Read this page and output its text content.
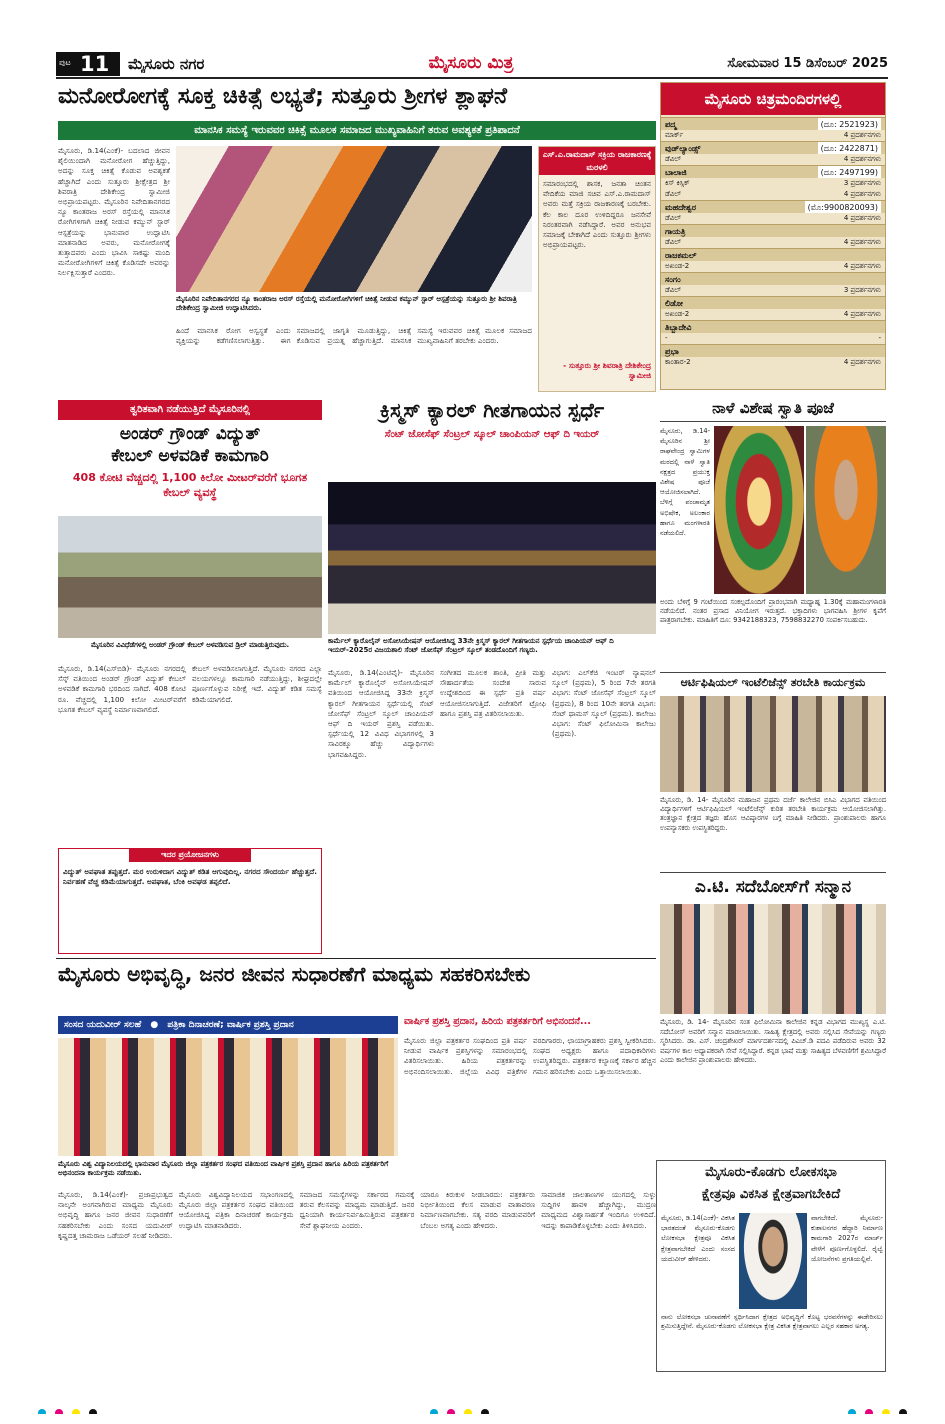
ಪುಟ 11 ಮೈಸೂರು ನಗರ	ಮೈಸೂರು ಮಿತ್ರ	ಸೋಮವಾರ 15 ಡಿಸೆಂಬರ್ 2025
ಮನೋರೋಗಕ್ಕೆ ಸೂಕ್ತ ಚಿಕಿತ್ಸೆ ಲಭ್ಯತೆ; ಸುತ್ತೂರು ಶ್ರೀಗಳ ಶ್ಲಾಘನೆ
ಮಾನಸಿಕ ಸಮಸ್ಯೆ ಇರುವವರ ಚಿಕಿತ್ಸೆ ಮೂಲಕ ಸಮಾಜದ ಮುಖ್ಯವಾಹಿನಿಗೆ ತರುವ ಅವಶ್ಯಕತೆ ಪ್ರತಿಪಾದನೆ
ಮೈಸೂರು, ಡಿ.14(ಎಂಕೆ)- ಬದಲಾದ ಜೀವನ ಶೈಲಿಯಿಂದಾಗಿ ಮನೋರೋಗ ಹೆಚ್ಚುತ್ತಿದ್ದು, ಅದನ್ನು ಸೂಕ್ತ ಚಿಕಿತ್ಸೆ ಕೊಡುವ ಅವಶ್ಯಕತೆ ಹೆಚ್ಚಾಗಿದೆ ಎಂದು ಸುತ್ತೂರು ಶ್ರೀಕ್ಷೇತ್ರದ ಶ್ರೀ ಶಿವರಾತ್ರಿ ದೇಶಿಕೇಂದ್ರ ಸ್ವಾಮೀಜಿ ಅಭಿಪ್ರಾಯಪಟ್ಟರು. ಮೈಸೂರಿನ ನಿವೇದಿತಾನಗರದ ನ್ಯೂ ಕಾಂತರಾಜ ಅರಸ್ ರಸ್ತೆಯಲ್ಲಿ ಮಾನಸಿಕ ರೋಗಿಗಳಿಗಾಗಿ ಚಿಕಿತ್ಸೆ ನೀಡುವ ಕಮ್ಯುನ್ ಸ್ಟಾರ್ ಆಸ್ಪತ್ರೆಯನ್ನು ಭಾನುವಾರ ಉದ್ಘಾಟಿಸಿ ಮಾತನಾಡಿದ ಅವರು, ಮನೋರೋಗಕ್ಕೆ ತುತ್ತಾದವರು ಎಂದು ಭಾವಿಸಿ ಸಾಕಷ್ಟು ಮಂದಿ ಮನೋರೋಗಿಗಳಿಗೆ ಚಿಕಿತ್ಸೆ ಕೊಡಿಸದೇ ಅವರನ್ನು ನಿರ್ಲಕ್ಷಿಸುತ್ತಾರೆ ಎಂದರು.
ಮೈಸೂರಿನ ನಿವೇದಿತಾನಗರದ ನ್ಯೂ ಕಾಂತರಾಜ ಅರಸ್ ರಸ್ತೆಯಲ್ಲಿ ಮನೋರೋಗಿಗಳಿಗೆ ಚಿಕಿತ್ಸೆ ನೀಡುವ ಕಮ್ಯುನ್ ಸ್ಟಾರ್ ಆಸ್ಪತ್ರೆಯನ್ನು ಸುತ್ತೂರು ಶ್ರೀ ಶಿವರಾತ್ರಿ ದೇಶಿಕೇಂದ್ರ ಸ್ವಾಮೀಜಿ ಉದ್ಘಾಟಿಸಿದರು.
ಹಿಂದೆ ಮಾನಸಿಕ ರೋಗ ಅಸ್ವಸ್ಥತೆ ಎಂದು ವ್ಯಕ್ತಿಯನ್ನು ಕಡೆಗಣಿಸಲಾಗುತ್ತಿತ್ತು. ಈಗ ಸಮಾಜದಲ್ಲಿ ಜಾಗೃತಿ ಮೂಡುತ್ತಿದ್ದು, ಚಿಕಿತ್ಸೆ ಕೊಡಿಸುವ ಪ್ರಯತ್ನ ಹೆಚ್ಚಾಗುತ್ತಿದೆ. ಮಾನಸಿಕ ಸಮಸ್ಯೆ ಇರುವವರ ಚಿಕಿತ್ಸೆ ಮೂಲಕ ಸಮಾಜದ ಮುಖ್ಯವಾಹಿನಿಗೆ ತರಬೇಕು ಎಂದರು.
ಎಸ್.ಎ.ರಾಮದಾಸ್ ಸಕ್ರಿಯ ರಾಜಕಾರಣಕ್ಕೆ ಮರಳಲಿ
ಸಮಾರಂಭದಲ್ಲಿ ಶಾಸಕ, ಜನತಾ ಚಿಂತನ ವೇದಿಕೆಯ ಮಾಜಿ ಸಚಿವ ಎಸ್.ಎ.ರಾಮದಾಸ್ ಅವರು ಮತ್ತೆ ಸಕ್ರಿಯ ರಾಜಕಾರಣಕ್ಕೆ ಬರಬೇಕು. ಕೆಲ ಕಾಲ ದೂರ ಉಳಿದಿದ್ದರೂ ಜನಸೇವೆ ನಿರಂತರವಾಗಿ ನಡೆಸಿದ್ದಾರೆ. ಅವರ ಅನುಭವ ಸಮಾಜಕ್ಕೆ ಬೇಕಾಗಿದೆ ಎಂದು ಸುತ್ತೂರು ಶ್ರೀಗಳು ಅಭಿಪ್ರಾಯಪಟ್ಟರು.
- ಸುತ್ತೂರು ಶ್ರೀ ಶಿವರಾತ್ರಿ ದೇಶಿಕೇಂದ್ರ ಸ್ವಾಮೀಜಿ
ಮೈಸೂರು ಚಿತ್ರಮಂದಿರಗಳಲ್ಲಿ
ಪದ್ಮ	(ದೂ: 2521923)
ಮಾರ್ಕ್	4 ಪ್ರದರ್ಶನಗಳು
ವುಡ್‌ಲ್ಯಾಂಡ್ಸ್	(ದೂ: 2422871)
ಡೆವಿಲ್	4 ಪ್ರದರ್ಶನಗಳು
ಬಾಲಾಜಿ	(ದೂ: 2497199)
ಕಿಸ್ ಕಿಸ್ಸಿಕ್	3 ಪ್ರದರ್ಶನಗಳು
ಡೆವಿಲ್	4 ಪ್ರದರ್ಶನಗಳು
ಮಹದೇಶ್ವರ	(ಮೊ:9900820093)
ಡೆವಿಲ್	4 ಪ್ರದರ್ಶನಗಳು
ಗಾಯತ್ರಿ
ಡೆವಿಲ್	4 ಪ್ರದರ್ಶನಗಳು
ರಾಜಕಮಲ್
ಅಖಂಡ-2	4 ಪ್ರದರ್ಶನಗಳು
ಸಂಗಂ
ಡೆವಿಲ್	3 ಪ್ರದರ್ಶನಗಳು
ಲಿಡೋ
ಅಖಂಡ-2	4 ಪ್ರದರ್ಶನಗಳು
ತಿಬ್ಬಾದೇವಿ
-	-
ಪ್ರಭಾ
ಕಾಂತಾರ-2	4 ಪ್ರದರ್ಶನಗಳು
ನಾಳೆ ವಿಶೇಷ ಸ್ವಾತಿ ಪೂಜೆ
ಮೈಸೂರು, ಡಿ.14- ಮೈಸೂರಿನ ಶ್ರೀ ರಾಘವೇಂದ್ರ ಸ್ವಾಮಿಗಳ ಮಠದಲ್ಲಿ ನಾಳೆ ಸ್ವಾತಿ ನಕ್ಷತ್ರದ ಪ್ರಯುಕ್ತ ವಿಶೇಷ ಪೂಜೆ ಆಯೋಜಿಸಲಾಗಿದೆ. ಬೆಳಿಗ್ಗೆ ಪಂಚಾಮೃತ ಅಭಿಷೇಕ, ಅಲಂಕಾರ ಹಾಗೂ ಮಂಗಳಾರತಿ ನಡೆಯಲಿದೆ.
ಅಂದು ಬೆಳಿಗ್ಗೆ 9 ಗಂಟೆಯಿಂದ ಸಂಕಲ್ಪದೊಂದಿಗೆ ಪ್ರಾರಂಭವಾಗಿ ಮಧ್ಯಾಹ್ನ 1.30ಕ್ಕೆ ಮಹಾಮಂಗಳಾರತಿ ನಡೆಯಲಿದೆ. ನಂತರ ಪ್ರಸಾದ ವಿನಿಯೋಗ ಇರುತ್ತದೆ. ಭಕ್ತಾದಿಗಳು ಭಾಗವಹಿಸಿ ಶ್ರೀಗಳ ಕೃಪೆಗೆ ಪಾತ್ರರಾಗಬೇಕು. ಮಾಹಿತಿಗೆ ದೂ: 9342188323, 7598832270 ಸಂಪರ್ಕಿಸಬಹುದು.
ಆರ್ಟಿಫಿಷಿಯಲ್ ಇಂಟೆಲಿಜೆನ್ಸ್ ತರಬೇತಿ ಕಾರ್ಯಕ್ರಮ
ಮೈಸೂರು, ಡಿ. 14- ಮೈಸೂರಿನ ಮಹಾಜನ ಪ್ರಥಮ ದರ್ಜೆ ಕಾಲೇಜಿನ ಬಿಸಿಎ ವಿಭಾಗದ ವತಿಯಿಂದ ವಿದ್ಯಾರ್ಥಿಗಳಿಗೆ ಆರ್ಟಿಫಿಷಿಯಲ್ ಇಂಟೆಲಿಜೆನ್ಸ್ ಕುರಿತ ತರಬೇತಿ ಕಾರ್ಯಕ್ರಮ ಆಯೋಜಿಸಲಾಗಿತ್ತು. ತಂತ್ರಜ್ಞಾನ ಕ್ಷೇತ್ರದ ತಜ್ಞರು ಹೊಸ ಆವಿಷ್ಕಾರಗಳ ಬಗ್ಗೆ ಮಾಹಿತಿ ನೀಡಿದರು. ಪ್ರಾಂಶುಪಾಲರು ಹಾಗೂ ಉಪನ್ಯಾಸಕರು ಉಪಸ್ಥಿತರಿದ್ದರು.
ಎ.ಟಿ. ಸದೆಬೋಸ್‌ಗೆ ಸನ್ಮಾನ
ಮೈಸೂರು, ಡಿ. 14- ಮೈಸೂರಿನ ಸಂತ ಫಿಲೋಮಿನಾ ಕಾಲೇಜಿನ ಕನ್ನಡ ವಿಭಾಗದ ಮುಖ್ಯಸ್ಥ ಎ.ಟಿ. ಸದೆಬೋಸ್ ಅವರಿಗೆ ಸನ್ಮಾನ ಮಾಡಲಾಯಿತು. ಸಾಹಿತ್ಯ ಕ್ಷೇತ್ರದಲ್ಲಿ ಅವರು ಸಲ್ಲಿಸಿದ ಸೇವೆಯನ್ನು ಗಣ್ಯರು ಸ್ಮರಿಸಿದರು. ಡಾ. ಎಸ್. ಚಂದ್ರಶೇಖರ್ ಮಾರ್ಗದರ್ಶನದಲ್ಲಿ ಪಿಎಚ್.ಡಿ ಪದವಿ ಪಡೆದಿರುವ ಅವರು 32 ವರ್ಷಗಳ ಕಾಲ ಅಧ್ಯಾಪಕರಾಗಿ ಸೇವೆ ಸಲ್ಲಿಸಿದ್ದಾರೆ. ಕನ್ನಡ ಭಾಷೆ ಮತ್ತು ಸಾಹಿತ್ಯದ ಬೆಳವಣಿಗೆಗೆ ಶ್ರಮಿಸಿದ್ದಾರೆ ಎಂದು ಕಾಲೇಜಿನ ಪ್ರಾಂಶುಪಾಲರು ಹೇಳಿದರು.
ತ್ವರಿತವಾಗಿ ನಡೆಯುತ್ತಿದೆ ಮೈಸೂರಿನಲ್ಲಿ
ಅಂಡರ್ ಗ್ರೌಂಡ್ ವಿದ್ಯುತ್
ಕೇಬಲ್ ಅಳವಡಿಕೆ ಕಾಮಗಾರಿ
408 ಕೋಟಿ ವೆಚ್ಚದಲ್ಲಿ 1,100 ಕಿಲೋ ಮೀಟರ್‌ವರೆಗೆ ಭೂಗತ ಕೇಬಲ್ ವ್ಯವಸ್ಥೆ
ಮೈಸೂರಿನ ವಿವಿಧೆಡೆಗಳಲ್ಲಿ ಅಂಡರ್ ಗ್ರೌಂಡ್ ಕೇಬಲ್ ಅಳವಡಿಸುವ ಡ್ರಿಲ್ ಮಾಡುತ್ತಿರುವುದು.
ಮೈಸೂರು, ಡಿ.14(ಎಸ್‌ಬಿಡಿ)- ಮೈಸೂರು ನಗರದಲ್ಲಿ ಸೆಸ್ಕ್ ವತಿಯಿಂದ ಅಂಡರ್ ಗ್ರೌಂಡ್ ವಿದ್ಯುತ್ ಕೇಬಲ್ ಅಳವಡಿಕೆ ಕಾಮಗಾರಿ ಭರದಿಂದ ಸಾಗಿದೆ. 408 ಕೋಟಿ ರೂ. ವೆಚ್ಚದಲ್ಲಿ 1,100 ಕಿಲೋ ಮೀಟರ್‌ವರೆಗೆ ಭೂಗತ ಕೇಬಲ್ ವ್ಯವಸ್ಥೆ ನಿರ್ಮಾಣವಾಗಲಿದೆ.
ಕೇಬಲ್ ಅಳವಡಿಸಲಾಗುತ್ತಿದೆ. ಮೈಸೂರು ನಗರದ ಎಲ್ಲಾ ವಲಯಗಳಲ್ಲೂ ಕಾಮಗಾರಿ ನಡೆಯುತ್ತಿದ್ದು, ಶೀಘ್ರದಲ್ಲೇ ಪೂರ್ಣಗೊಳ್ಳುವ ನಿರೀಕ್ಷೆ ಇದೆ. ವಿದ್ಯುತ್ ಕಡಿತ ಸಮಸ್ಯೆ ಕಡಿಮೆಯಾಗಲಿದೆ.
ಇದರ ಪ್ರಯೋಜನಗಳು
ವಿದ್ಯುತ್ ಅಪಘಾತ ತಪ್ಪುತ್ತದೆ. ಮರ ಉರುಳಿದಾಗ ವಿದ್ಯುತ್ ಕಡಿತ ಆಗುವುದಿಲ್ಲ. ನಗರದ ಸೌಂದರ್ಯ ಹೆಚ್ಚುತ್ತದೆ. ನಿರ್ವಹಣೆ ವೆಚ್ಚ ಕಡಿಮೆಯಾಗುತ್ತದೆ. ಅಪಘಾತ, ಬೆಂಕಿ ಅವಘಡ ತಪ್ಪಲಿದೆ.
ಕ್ರಿಸ್ಮಸ್ ಕ್ಯಾರಲ್ ಗೀತಗಾಯನ ಸ್ಪರ್ಧೆ
ಸೆಂಟ್ ಜೋಸೆಫ್ ಸೆಂಟ್ರಲ್ ಸ್ಕೂಲ್ ಚಾಂಪಿಯನ್ ಆಫ್ ದಿ ಇಯರ್
ಕಾರ್ಮೆಲ್ ಕ್ಯಾರೊಲೈನ್ ಅಸೋಸಿಯೇಷನ್ ಆಯೋಜಿಸಿದ್ದ 33ನೇ ಕ್ರಿಸ್ಮಸ್ ಕ್ಯಾರಲ್ ಗೀತಗಾಯನ ಸ್ಪರ್ಧೆಯ ಚಾಂಪಿಯನ್ ಆಫ್ ದಿ ಇಯರ್-2025ರ ವಿಜಯಶಾಲಿ ಸೆಂಟ್ ಜೋಸೆಫ್ ಸೆಂಟ್ರಲ್ ಸ್ಕೂಲ್ ತಂಡದೊಂದಿಗೆ ಗಣ್ಯರು.
ಮೈಸೂರು, ಡಿ.14(ಎಂಟಿವೈ)- ಮೈಸೂರಿನ ಕಾರ್ಮೆಲ್ ಕ್ಯಾರೊಲೈನ್ ಅಸೋಸಿಯೇಷನ್ ವತಿಯಿಂದ ಆಯೋಜಿಸಿದ್ದ 33ನೇ ಕ್ರಿಸ್ಮಸ್ ಕ್ಯಾರಲ್ ಗೀತಗಾಯನ ಸ್ಪರ್ಧೆಯಲ್ಲಿ ಸೆಂಟ್ ಜೋಸೆಫ್ ಸೆಂಟ್ರಲ್ ಸ್ಕೂಲ್ ಚಾಂಪಿಯನ್ ಆಫ್ ದಿ ಇಯರ್ ಪ್ರಶಸ್ತಿ ಪಡೆಯಿತು. ಸ್ಪರ್ಧೆಯಲ್ಲಿ 12 ವಿವಿಧ ವಿಭಾಗಗಳಲ್ಲಿ 3 ಸಾವಿರಕ್ಕೂ ಹೆಚ್ಚು ವಿದ್ಯಾರ್ಥಿಗಳು ಭಾಗವಹಿಸಿದ್ದರು.
ಸಂಗೀತದ ಮೂಲಕ ಶಾಂತಿ, ಪ್ರೀತಿ ಮತ್ತು ಸೌಹಾರ್ದತೆಯ ಸಂದೇಶ ಸಾರುವ ಉದ್ದೇಶದಿಂದ ಈ ಸ್ಪರ್ಧೆ ಪ್ರತಿ ವರ್ಷ ಆಯೋಜಿಸಲಾಗುತ್ತಿದೆ. ವಿಜೇತರಿಗೆ ಟ್ರೋಫಿ ಹಾಗೂ ಪ್ರಶಸ್ತಿ ಪತ್ರ ವಿತರಿಸಲಾಯಿತು.
ವಿಭಾಗ: ಎಲ್‌ಕೆಜಿ ಇಂಟರ್ ನ್ಯಾಷನಲ್ ಸ್ಕೂಲ್ (ಪ್ರಥಮ), 5 ರಿಂದ 7ನೇ ತರಗತಿ ವಿಭಾಗ: ಸೆಂಟ್ ಜೋಸೆಫ್ ಸೆಂಟ್ರಲ್ ಸ್ಕೂಲ್ (ಪ್ರಥಮ), 8 ರಿಂದ 10ನೇ ತರಗತಿ ವಿಭಾಗ: ಸೆಂಟ್ ಥಾಮಸ್ ಸ್ಕೂಲ್ (ಪ್ರಥಮ). ಕಾಲೇಜು ವಿಭಾಗ: ಸೆಂಟ್ ಫಿಲೋಮಿನಾ ಕಾಲೇಜು (ಪ್ರಥಮ).
ಮೈಸೂರು ಅಭಿವೃದ್ಧಿ, ಜನರ ಜೀವನ ಸುಧಾರಣೆಗೆ ಮಾಧ್ಯಮ ಸಹಕರಿಸಬೇಕು
ಸಂಸದ ಯದುವೀರ್ ಸಲಹೆ ● ಪತ್ರಿಕಾ ದಿನಾಚರಣೆ; ವಾರ್ಷಿಕ ಪ್ರಶಸ್ತಿ ಪ್ರದಾನ
ಮೈಸೂರು ವಿಶ್ವ ವಿದ್ಯಾನಿಲಯದಲ್ಲಿ ಭಾನುವಾರ ಮೈಸೂರು ಜಿಲ್ಲಾ ಪತ್ರಕರ್ತರ ಸಂಘದ ವತಿಯಿಂದ ವಾರ್ಷಿಕ ಪ್ರಶಸ್ತಿ ಪ್ರದಾನ ಹಾಗೂ ಹಿರಿಯ ಪತ್ರಕರ್ತರಿಗೆ ಅಭಿನಂದನಾ ಕಾರ್ಯಕ್ರಮ ನಡೆಯಿತು.
ವಾರ್ಷಿಕ ಪ್ರಶಸ್ತಿ ಪ್ರದಾನ, ಹಿರಿಯ ಪತ್ರಕರ್ತರಿಗೆ ಅಭಿನಂದನೆ...
ಮೈಸೂರು ಜಿಲ್ಲಾ ಪತ್ರಕರ್ತರ ಸಂಘದಿಂದ ಪ್ರತಿ ವರ್ಷ ನೀಡುವ ವಾರ್ಷಿಕ ಪ್ರಶಸ್ತಿಗಳನ್ನು ಸಮಾರಂಭದಲ್ಲಿ ವಿತರಿಸಲಾಯಿತು. ಹಿರಿಯ ಪತ್ರಕರ್ತರನ್ನು ಅಭಿನಂದಿಸಲಾಯಿತು. ಜಿಲ್ಲೆಯ ವಿವಿಧ ಪತ್ರಿಕೆಗಳ ವರದಿಗಾರರು, ಛಾಯಾಗ್ರಾಹಕರು ಪ್ರಶಸ್ತಿ ಸ್ವೀಕರಿಸಿದರು. ಸಂಘದ ಅಧ್ಯಕ್ಷರು ಹಾಗೂ ಪದಾಧಿಕಾರಿಗಳು ಉಪಸ್ಥಿತರಿದ್ದರು. ಪತ್ರಕರ್ತರ ಕಲ್ಯಾಣಕ್ಕೆ ಸರ್ಕಾರ ಹೆಚ್ಚಿನ ಗಮನ ಹರಿಸಬೇಕು ಎಂದು ಒತ್ತಾಯಿಸಲಾಯಿತು.
ಮೈಸೂರು, ಡಿ.14(ಎಂಕೆ)- ಪ್ರಜಾಪ್ರಭುತ್ವದ ನಾಲ್ಕನೇ ಅಂಗವಾಗಿರುವ ಮಾಧ್ಯಮ ಮೈಸೂರು ಅಭಿವೃದ್ಧಿ ಹಾಗೂ ಜನರ ಜೀವನ ಸುಧಾರಣೆಗೆ ಸಹಕರಿಸಬೇಕು ಎಂದು ಸಂಸದ ಯದುವೀರ್ ಕೃಷ್ಣದತ್ತ ಚಾಮರಾಜ ಒಡೆಯರ್ ಸಲಹೆ ನೀಡಿದರು.
ಮೈಸೂರು ವಿಶ್ವವಿದ್ಯಾನಿಲಯದ ಸಭಾಂಗಣದಲ್ಲಿ ಮೈಸೂರು ಜಿಲ್ಲಾ ಪತ್ರಕರ್ತರ ಸಂಘದ ವತಿಯಿಂದ ಆಯೋಜಿಸಿದ್ದ ಪತ್ರಿಕಾ ದಿನಾಚರಣೆ ಕಾರ್ಯಕ್ರಮ ಉದ್ಘಾಟಿಸಿ ಮಾತನಾಡಿದರು.
ಸಮಾಜದ ಸಮಸ್ಯೆಗಳನ್ನು ಸರ್ಕಾರದ ಗಮನಕ್ಕೆ ತರುವ ಕೆಲಸವನ್ನು ಮಾಧ್ಯಮ ಮಾಡುತ್ತಿದೆ. ಜನರ ಧ್ವನಿಯಾಗಿ ಕಾರ್ಯನಿರ್ವಹಿಸುತ್ತಿರುವ ಪತ್ರಕರ್ತರ ಸೇವೆ ಶ್ಲಾಘನೀಯ ಎಂದರು.
ಯಾರೂ ಕಿರುಕುಳ ನೀಡಬಾರದು: ಪತ್ರಕರ್ತರು ನಿರ್ಭೀತಿಯಿಂದ ಕೆಲಸ ಮಾಡುವ ವಾತಾವರಣ ನಿರ್ಮಾಣವಾಗಬೇಕು. ಸತ್ಯ ವರದಿ ಮಾಡುವವರಿಗೆ ಬೆಂಬಲ ಅಗತ್ಯ ಎಂದು ಹೇಳಿದರು.
ಸಾಮಾಜಿಕ ಜಾಲತಾಣಗಳ ಯುಗದಲ್ಲಿ ಸುಳ್ಳು ಸುದ್ದಿಗಳ ಹಾವಳಿ ಹೆಚ್ಚಾಗಿದ್ದು, ಮುದ್ರಣ ಮಾಧ್ಯಮದ ವಿಶ್ವಾಸಾರ್ಹತೆ ಇಂದಿಗೂ ಉಳಿದಿದೆ. ಇದನ್ನು ಕಾಪಾಡಿಕೊಳ್ಳಬೇಕು ಎಂದು ತಿಳಿಸಿದರು.
ಮೈಸೂರು-ಕೊಡಗು ಲೋಕಸಭಾ
ಕ್ಷೇತ್ರವೂ ವಿಕಸಿತ ಕ್ಷೇತ್ರವಾಗಬೇಕಿದೆ
ಮೈಸೂರು, ಡಿ.14(ಎಂಕೆ)- ವಿಕಸಿತ ಭಾರತದಂತೆ ಮೈಸೂರು-ಕೊಡಗು ಲೋಕಸಭಾ ಕ್ಷೇತ್ರವೂ ವಿಕಸಿತ ಕ್ಷೇತ್ರವಾಗಬೇಕಿದೆ ಎಂದು ಸಂಸದ ಯದುವೀರ್ ಹೇಳಿದರು.
ವಾಗಬೇಕಿದೆ. ಮೈಸೂರು-ಕುಶಾಲನಗರ ಹೆದ್ದಾರಿ ನಿರ್ಮಾಣ ಕಾಮಗಾರಿ 2027ರ ಮಾರ್ಚ್ ವೇಳೆಗೆ ಪೂರ್ಣಗೊಳ್ಳಲಿದೆ. ರೈಲ್ವೆ ಯೋಜನೆಗಳು ಪ್ರಗತಿಯಲ್ಲಿವೆ.
ನಾನು ಲೋಕಸಭಾ ಚುನಾವಣೆಗೆ ಸ್ಪರ್ಧಿಸಿದಾಗ ಕ್ಷೇತ್ರದ ಅಭಿವೃದ್ಧಿಗೆ ಕೊಟ್ಟ ಭರವಸೆಗಳನ್ನು ಈಡೇರಿಸಲು ಶ್ರಮಿಸುತ್ತಿದ್ದೇನೆ. ಮೈಸೂರು-ಕೊಡಗು ಲೋಕಸಭಾ ಕ್ಷೇತ್ರ ವಿಕಸಿತ ಕ್ಷೇತ್ರವಾಗಲು ಎಲ್ಲರ ಸಹಕಾರ ಅಗತ್ಯ.
